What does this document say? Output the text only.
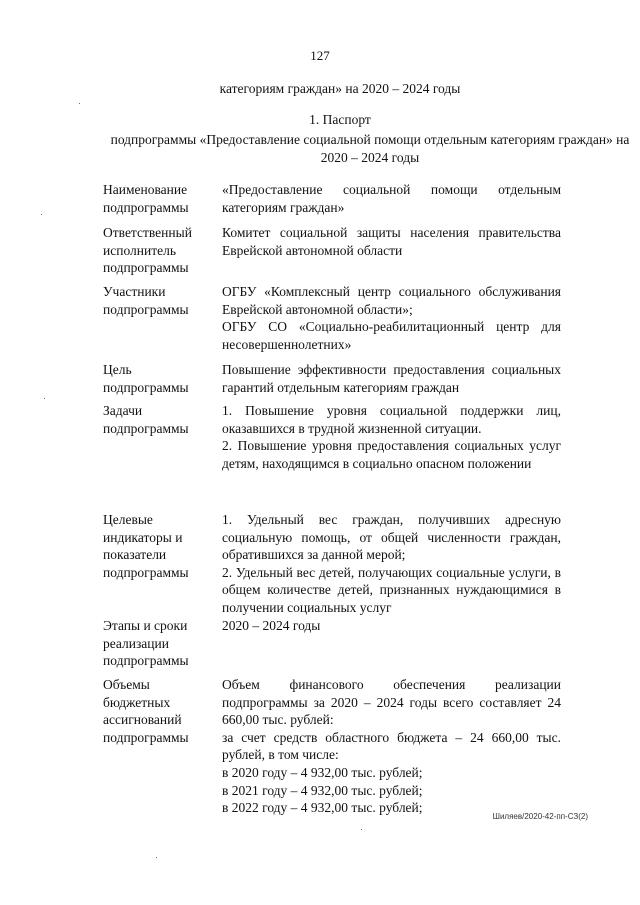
127
категориям граждан» на 2020 – 2024 годы
1. Паспорт
подпрограммы «Предоставление социальной помощи отдельным категориям граждан» на 2020 – 2024 годы
Наименование подпрограммы

«Предоставление социальной помощи отдельным категориям граждан»

Ответственный исполнитель подпрограммы

Комитет социальной защиты населения правительства Еврейской автономной области

Участники подпрограммы

ОГБУ «Комплексный центр социального обслуживания Еврейской автономной области»;

ОГБУ СО «Социально-реабилитационный центр для несовершеннолетних»

Цель подпрограммы

Повышение эффективности предоставления социальных гарантий отдельным категориям граждан

Задачи подпрограммы

1. Повышение уровня социальной поддержки лиц, оказавшихся в трудной жизненной ситуации.

2. Повышение уровня предоставления социальных услуг детям, находящимся в социально опасном положении

Целевые индикаторы и показатели подпрограммы

1. Удельный вес граждан, получивших адресную социальную помощь, от общей численности граждан, обратившихся за данной мерой;

2. Удельный вес детей, получающих социальные услуги, в общем количестве детей, признанных нуждающимися в получении социальных услуг

Этапы и сроки реализации подпрограммы

2020 – 2024 годы

Объемы бюджетных ассигнований подпрограммы

Объем финансового обеспечения реализации подпрограммы за 2020 – 2024 годы всего составляет 24 660,00 тыс. рублей:

за счет средств областного бюджета – 24 660,00 тыс. рублей, в том числе:

в 2020 году – 4 932,00 тыс. рублей;

в 2021 году – 4 932,00 тыс. рублей;

в 2022 году – 4 932,00 тыс. рублей;

Шиляев/2020-42-пп-СЗ(2)
